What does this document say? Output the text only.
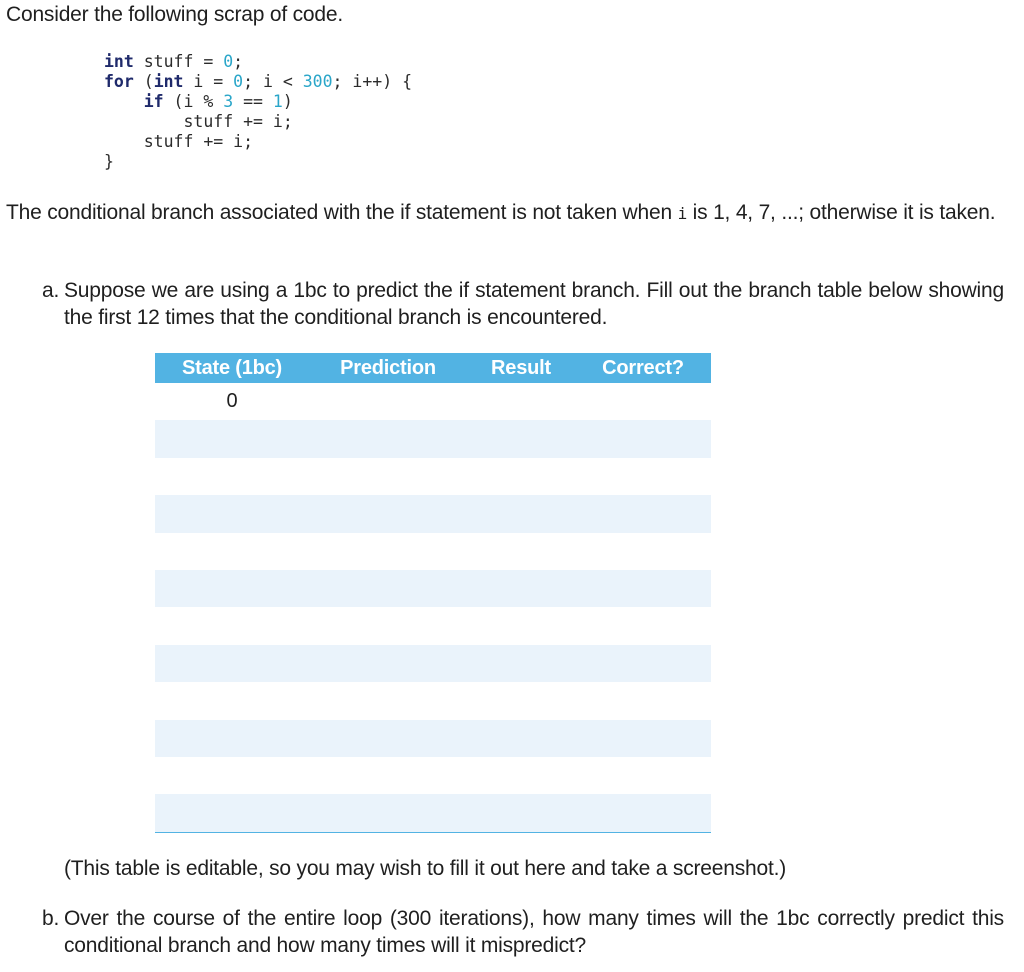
Consider the following scrap of code.
int stuff = 0;
for (int i = 0; i < 300; i++) {
if (i % 3 == 1)
stuff += i;
stuff += i;
}
The conditional branch associated with the if statement is not taken when i is 1, 4, 7, ...; otherwise it is taken.
a. Suppose we are using a 1bc to predict the if statement branch. Fill out the branch table below showing the first 12 times that the conditional branch is encountered.
State (1bc)	Prediction	Result	Correct?
0			

(This table is editable, so you may wish to fill it out here and take a screenshot.)
b. Over the course of the entire loop (300 iterations), how many times will the 1bc correctly predict this conditional branch and how many times will it mispredict?
